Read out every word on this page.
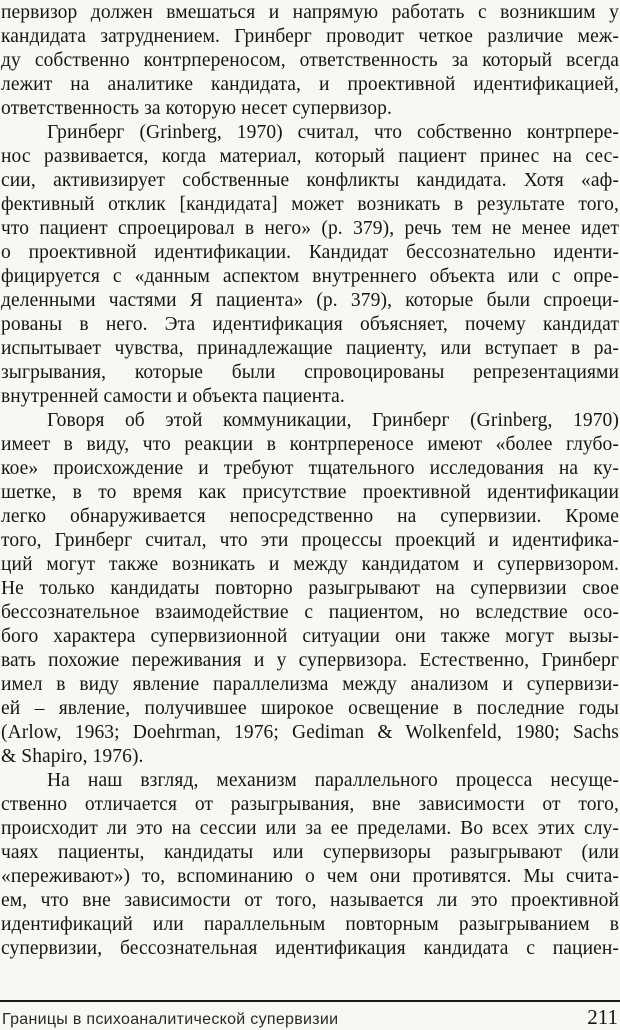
первизор должен вмешаться и напрямую работать с возникшим у
кандидата затруднением. Гринберг проводит четкое различие меж-
ду собственно контрпереносом, ответственность за который всегда
лежит на аналитике кандидата, и проективной идентификацией,
ответственность за которую несет супервизор.
Гринберг (Grinberg, 1970) считал, что собственно контрпере-
нос развивается, когда материал, который пациент принес на сес-
сии, активизирует собственные конфликты кандидата. Хотя «аф-
фективный отклик [кандидата] может возникать в результате того,
что пациент спроецировал в него» (p. 379), речь тем не менее идет
о проективной идентификации. Кандидат бессознательно иденти-
фицируется с «данным аспектом внутреннего объекта или с опре-
деленными частями Я пациента» (p. 379), которые были спроеци-
рованы в него. Эта идентификация объясняет, почему кандидат
испытывает чувства, принадлежащие пациенту, или вступает в ра-
зыгрывания, которые были спровоцированы репрезентациями
внутренней самости и объекта пациента.
Говоря об этой коммуникации, Гринберг (Grinberg, 1970)
имеет в виду, что реакции в контрпереносе имеют «более глубо-
кое» происхождение и требуют тщательного исследования на ку-
шетке, в то время как присутствие проективной идентификации
легко обнаруживается непосредственно на супервизии. Кроме
того, Гринберг считал, что эти процессы проекций и идентифика-
ций могут также возникать и между кандидатом и супервизором.
Не только кандидаты повторно разыгрывают на супервизии свое
бессознательное взаимодействие с пациентом, но вследствие осо-
бого характера супервизионной ситуации они также могут вызы-
вать похожие переживания и у супервизора. Естественно, Гринберг
имел в виду явление параллелизма между анализом и супервизи-
ей – явление, получившее широкое освещение в последние годы
(Arlow, 1963; Doehrman, 1976; Gediman & Wolkenfeld, 1980; Sachs
& Shapiro, 1976).
На наш взгляд, механизм параллельного процесса несуще-
ственно отличается от разыгрывания, вне зависимости от того,
происходит ли это на сессии или за ее пределами. Во всех этих слу-
чаях пациенты, кандидаты или супервизоры разыгрывают (или
«переживают») то, вспоминанию о чем они противятся. Мы счита-
ем, что вне зависимости от того, называется ли это проективной
идентификаций или параллельным повторным разыгрыванием в
супервизии, бессознательная идентификация кандидата с пациен-
Границы в психоаналитической супервизии	211
